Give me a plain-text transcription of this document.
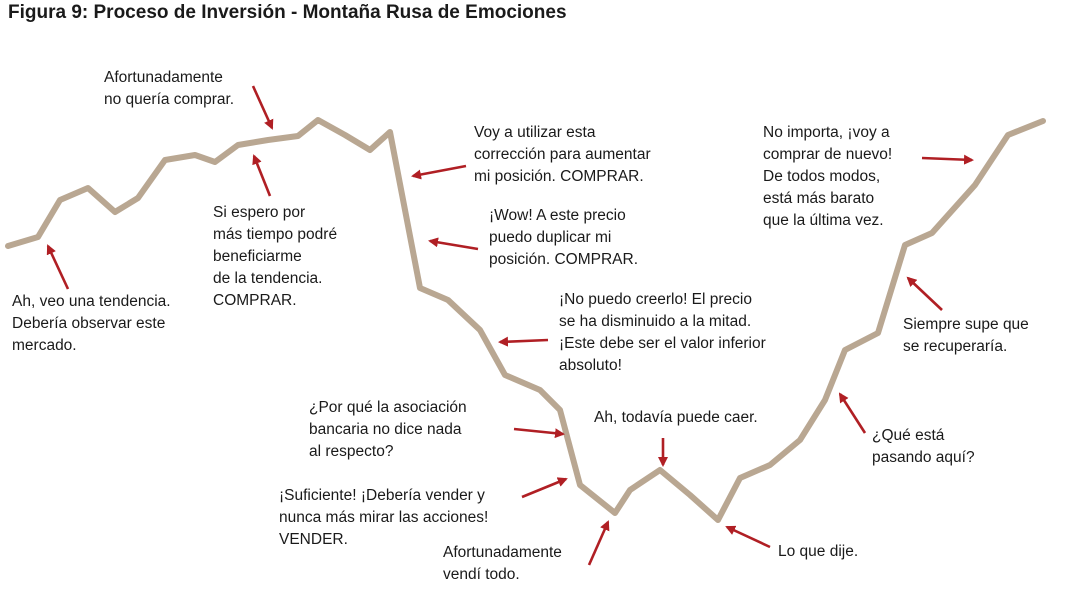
Figura 9: Proceso de Inversión - Montaña Rusa de Emociones
Ah, veo una tendencia.
Debería observar este
mercado.
Afortunadamente
no quería comprar.
Si espero por
más tiempo podré
beneficiarme
de la tendencia.
COMPRAR.
Voy a utilizar esta
corrección para aumentar
mi posición. COMPRAR.
¡Wow! A este precio
puedo duplicar mi
posición. COMPRAR.
¡No puedo creerlo! El precio
se ha disminuido a la mitad.
¡Este debe ser el valor inferior
absoluto!
¿Por qué la asociación
bancaria no dice nada
al respecto?
¡Suficiente! ¡Debería vender y
nunca más mirar las acciones!
VENDER.
Afortunadamente
vendí todo.
Ah, todavía puede caer.
Lo que dije.
¿Qué está
pasando aquí?
Siempre supe que
se recuperaría.
No importa, ¡voy a
comprar de nuevo!
De todos modos,
está más barato
que la última vez.
